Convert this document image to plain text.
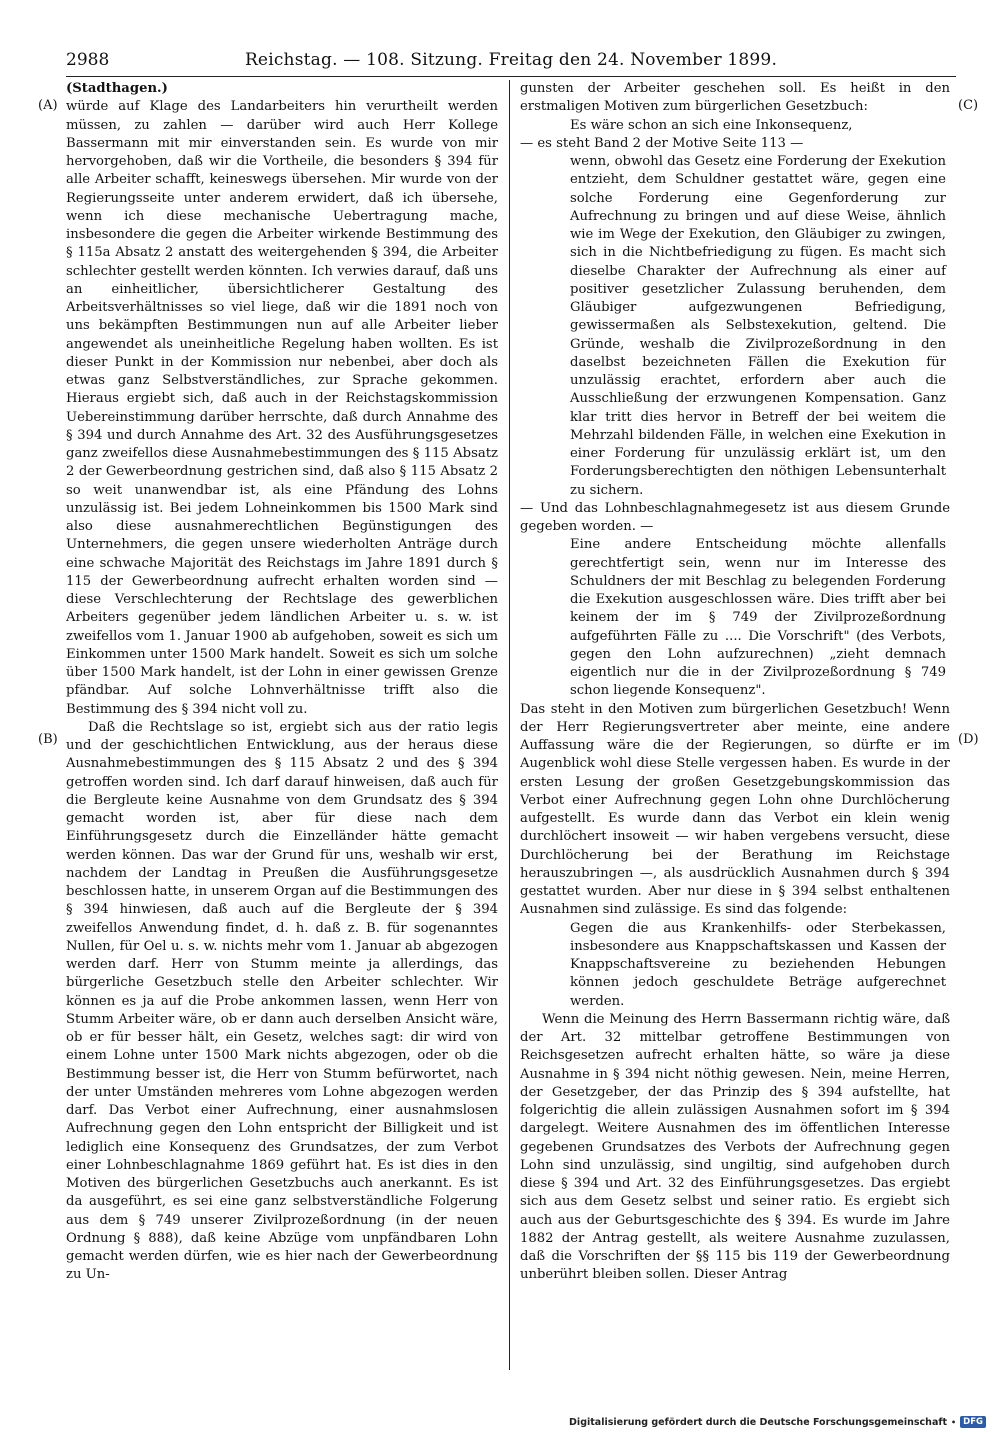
2988	Reichstag. — 108. Sitzung. Freitag den 24. November 1899.
(A)
(B)
(C)
(D)

(Stadthagen.)

würde auf Klage des Landarbeiters hin verurtheilt werden müssen, zu zahlen — darüber wird auch Herr Kollege Bassermann mit mir einverstanden sein. Es wurde von mir hervorgehoben, daß wir die Vortheile, die besonders § 394 für alle Arbeiter schafft, keineswegs übersehen. Mir wurde von der Regierungsseite unter anderem erwidert, daß ich übersehe, wenn ich diese mechanische Uebertragung mache, insbesondere die gegen die Arbeiter wirkende Bestimmung des § 115a Absatz 2 anstatt des weitergehenden § 394, die Arbeiter schlechter gestellt werden könnten. Ich verwies darauf, daß uns an einheitlicher, übersichtlicherer Gestaltung des Arbeitsverhältnisses so viel liege, daß wir die 1891 noch von uns bekämpften Bestimmungen nun auf alle Arbeiter lieber angewendet als uneinheitliche Regelung haben wollten. Es ist dieser Punkt in der Kommission nur nebenbei, aber doch als etwas ganz Selbstverständliches, zur Sprache gekommen. Hieraus ergiebt sich, daß auch in der Reichstagskommission Uebereinstimmung darüber herrschte, daß durch Annahme des § 394 und durch Annahme des Art. 32 des Ausführungsgesetzes ganz zweifellos diese Ausnahmebestimmungen des § 115 Absatz 2 der Gewerbeordnung gestrichen sind, daß also § 115 Absatz 2 so weit unanwendbar ist, als eine Pfändung des Lohns unzulässig ist. Bei jedem Lohneinkommen bis 1500 Mark sind also diese ausnahmerechtlichen Begünstigungen des Unternehmers, die gegen unsere wiederholten Anträge durch eine schwache Majorität des Reichstags im Jahre 1891 durch § 115 der Gewerbeordnung aufrecht erhalten worden sind — diese Verschlechterung der Rechtslage des gewerblichen Arbeiters gegenüber jedem ländlichen Arbeiter u. s. w. ist zweifellos vom 1. Januar 1900 ab aufgehoben, soweit es sich um Einkommen unter 1500 Mark handelt. Soweit es sich um solche über 1500 Mark handelt, ist der Lohn in einer gewissen Grenze pfändbar. Auf solche Lohnverhältnisse trifft also die Bestimmung des § 394 nicht voll zu.

Daß die Rechtslage so ist, ergiebt sich aus der ratio legis und der geschichtlichen Entwicklung, aus der heraus diese Ausnahmebestimmungen des § 115 Absatz 2 und des § 394 getroffen worden sind. Ich darf darauf hinweisen, daß auch für die Bergleute keine Ausnahme von dem Grundsatz des § 394 gemacht worden ist, aber für diese nach dem Einführungsgesetz durch die Einzelländer hätte gemacht werden können. Das war der Grund für uns, weshalb wir erst, nachdem der Landtag in Preußen die Ausführungsgesetze beschlossen hatte, in unserem Organ auf die Bestimmungen des § 394 hinwiesen, daß auch auf die Bergleute der § 394 zweifellos Anwendung findet, d. h. daß z. B. für sogenanntes Nullen, für Oel u. s. w. nichts mehr vom 1. Januar ab abgezogen werden darf. Herr von Stumm meinte ja allerdings, das bürgerliche Gesetzbuch stelle den Arbeiter schlechter. Wir können es ja auf die Probe ankommen lassen, wenn Herr von Stumm Arbeiter wäre, ob er dann auch derselben Ansicht wäre, ob er für besser hält, ein Gesetz, welches sagt: dir wird von einem Lohne unter 1500 Mark nichts abgezogen, oder ob die Bestimmung besser ist, die Herr von Stumm befürwortet, nach der unter Umständen mehreres vom Lohne abgezogen werden darf. Das Verbot einer Aufrechnung, einer ausnahmslosen Aufrechnung gegen den Lohn entspricht der Billigkeit und ist lediglich eine Konsequenz des Grundsatzes, der zum Verbot einer Lohnbeschlagnahme 1869 geführt hat. Es ist dies in den Motiven des bürgerlichen Gesetzbuchs auch anerkannt. Es ist da ausgeführt, es sei eine ganz selbstverständliche Folgerung aus dem § 749 unserer Zivilprozeßordnung (in der neuen Ordnung § 888), daß keine Abzüge vom unpfändbaren Lohn gemacht werden dürfen, wie es hier nach der Gewerbeordnung zu Un-

gunsten der Arbeiter geschehen soll. Es heißt in den erstmaligen Motiven zum bürgerlichen Gesetzbuch:

Es wäre schon an sich eine Inkonsequenz,

— es steht Band 2 der Motive Seite 113 —

wenn, obwohl das Gesetz eine Forderung der Exekution entzieht, dem Schuldner gestattet wäre, gegen eine solche Forderung eine Gegenforderung zur Aufrechnung zu bringen und auf diese Weise, ähnlich wie im Wege der Exekution, den Gläubiger zu zwingen, sich in die Nichtbefriedigung zu fügen. Es macht sich dieselbe Charakter der Aufrechnung als einer auf positiver gesetzlicher Zulassung beruhenden, dem Gläubiger aufgezwungenen Befriedigung, gewissermaßen als Selbstexekution, geltend. Die Gründe, weshalb die Zivilprozeßordnung in den daselbst bezeichneten Fällen die Exekution für unzulässig erachtet, erfordern aber auch die Ausschließung der erzwungenen Kompensation. Ganz klar tritt dies hervor in Betreff der bei weitem die Mehrzahl bildenden Fälle, in welchen eine Exekution in einer Forderung für unzulässig erklärt ist, um den Forderungsberechtigten den nöthigen Lebensunterhalt zu sichern.

— Und das Lohnbeschlagnahmegesetz ist aus diesem Grunde gegeben worden. —

Eine andere Entscheidung möchte allenfalls gerechtfertigt sein, wenn nur im Interesse des Schuldners der mit Beschlag zu belegenden Forderung die Exekution ausgeschlossen wäre. Dies trifft aber bei keinem der im § 749 der Zivilprozeßordnung aufgeführten Fälle zu .... Die Vorschrift" (des Verbots, gegen den Lohn aufzurechnen) „zieht demnach eigentlich nur die in der Zivilprozeßordnung § 749 schon liegende Konsequenz".

Das steht in den Motiven zum bürgerlichen Gesetzbuch! Wenn der Herr Regierungsvertreter aber meinte, eine andere Auffassung wäre die der Regierungen, so dürfte er im Augenblick wohl diese Stelle vergessen haben. Es wurde in der ersten Lesung der großen Gesetzgebungskommission das Verbot einer Aufrechnung gegen Lohn ohne Durchlöcherung aufgestellt. Es wurde dann das Verbot ein klein wenig durchlöchert insoweit — wir haben vergebens versucht, diese Durchlöcherung bei der Berathung im Reichstage herauszubringen —, als ausdrücklich Ausnahmen durch § 394 gestattet wurden. Aber nur diese in § 394 selbst enthaltenen Ausnahmen sind zulässige. Es sind das folgende:

Gegen die aus Krankenhilfs- oder Sterbekassen, insbesondere aus Knappschaftskassen und Kassen der Knappschaftsvereine zu beziehenden Hebungen können jedoch geschuldete Beträge aufgerechnet werden.

Wenn die Meinung des Herrn Bassermann richtig wäre, daß der Art. 32 mittelbar getroffene Bestimmungen von Reichsgesetzen aufrecht erhalten hätte, so wäre ja diese Ausnahme in § 394 nicht nöthig gewesen. Nein, meine Herren, der Gesetzgeber, der das Prinzip des § 394 aufstellte, hat folgerichtig die allein zulässigen Ausnahmen sofort im § 394 dargelegt. Weitere Ausnahmen des im öffentlichen Interesse gegebenen Grundsatzes des Verbots der Aufrechnung gegen Lohn sind unzulässig, sind ungiltig, sind aufgehoben durch diese § 394 und Art. 32 des Einführungsgesetzes. Das ergiebt sich aus dem Gesetz selbst und seiner ratio. Es ergiebt sich auch aus der Geburtsgeschichte des § 394. Es wurde im Jahre 1882 der Antrag gestellt, als weitere Ausnahme zuzulassen, daß die Vorschriften der §§ 115 bis 119 der Gewerbeordnung unberührt bleiben sollen. Dieser Antrag

Digitalisierung gefördert durch die Deutsche Forschungsgemeinschaft • DFG
